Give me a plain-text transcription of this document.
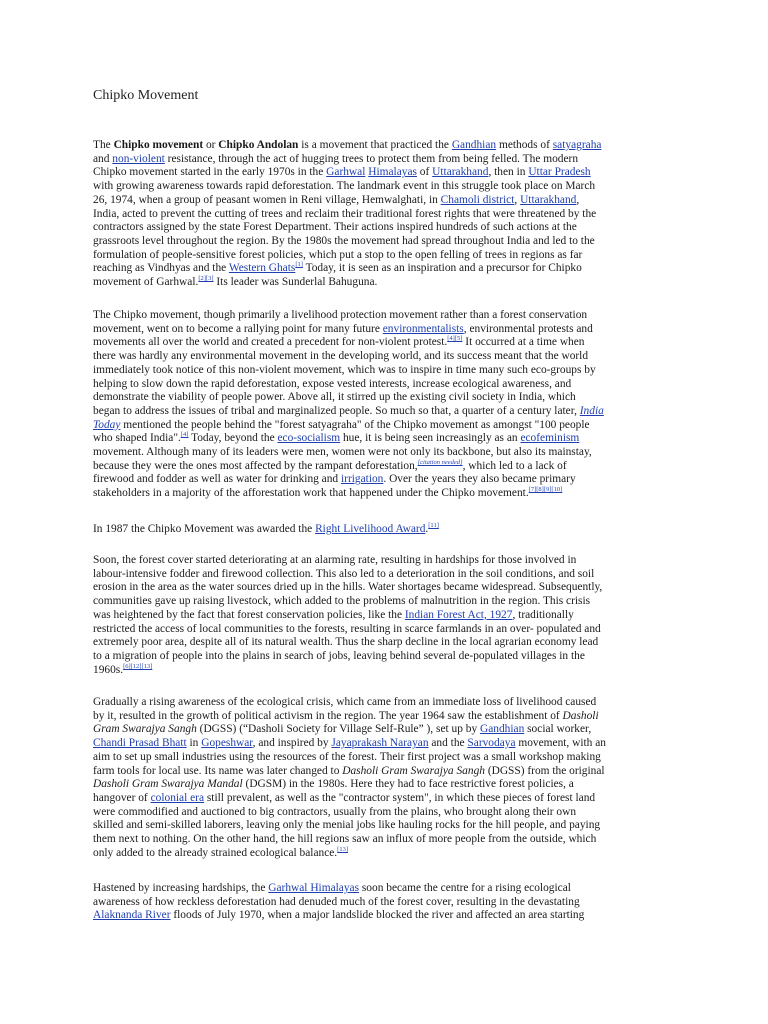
Chipko Movement
The Chipko movement or Chipko Andolan is a movement that practiced the Gandhian methods of satyagraha
and non-violent resistance, through the act of hugging trees to protect them from being felled. The modern
Chipko movement started in the early 1970s in the Garhwal Himalayas of Uttarakhand, then in Uttar Pradesh
with growing awareness towards rapid deforestation. The landmark event in this struggle took place on March
26, 1974, when a group of peasant women in Reni village, Hemwalghati, in Chamoli district, Uttarakhand,
India, acted to prevent the cutting of trees and reclaim their traditional forest rights that were threatened by the
contractors assigned by the state Forest Department. Their actions inspired hundreds of such actions at the
grassroots level throughout the region. By the 1980s the movement had spread throughout India and led to the
formulation of people-sensitive forest policies, which put a stop to the open felling of trees in regions as far
reaching as Vindhyas and the Western Ghats[1] Today, it is seen as an inspiration and a precursor for Chipko
movement of Garhwal.[2][3] Its leader was Sunderlal Bahuguna.
The Chipko movement, though primarily a livelihood protection movement rather than a forest conservation
movement, went on to become a rallying point for many future environmentalists, environmental protests and
movements all over the world and created a precedent for non-violent protest.[4][5] It occurred at a time when
there was hardly any environmental movement in the developing world, and its success meant that the world
immediately took notice of this non-violent movement, which was to inspire in time many such eco-groups by
helping to slow down the rapid deforestation, expose vested interests, increase ecological awareness, and
demonstrate the viability of people power. Above all, it stirred up the existing civil society in India, which
began to address the issues of tribal and marginalized people. So much so that, a quarter of a century later, India
Today mentioned the people behind the "forest satyagraha" of the Chipko movement as amongst "100 people
who shaped India".[4] Today, beyond the eco-socialism hue, it is being seen increasingly as an ecofeminism
movement. Although many of its leaders were men, women were not only its backbone, but also its mainstay,
because they were the ones most affected by the rampant deforestation,[citation needed], which led to a lack of
firewood and fodder as well as water for drinking and irrigation. Over the years they also became primary
stakeholders in a majority of the afforestation work that happened under the Chipko movement.[7][8][9][10]
In 1987 the Chipko Movement was awarded the Right Livelihood Award.[11]
Soon, the forest cover started deteriorating at an alarming rate, resulting in hardships for those involved in
labour-intensive fodder and firewood collection. This also led to a deterioration in the soil conditions, and soil
erosion in the area as the water sources dried up in the hills. Water shortages became widespread. Subsequently,
communities gave up raising livestock, which added to the problems of malnutrition in the region. This crisis
was heightened by the fact that forest conservation policies, like the Indian Forest Act, 1927, traditionally
restricted the access of local communities to the forests, resulting in scarce farmlands in an over- populated and
extremely poor area, despite all of its natural wealth. Thus the sharp decline in the local agrarian economy lead
to a migration of people into the plains in search of jobs, leaving behind several de-populated villages in the
1960s.[6][12][13]
Gradually a rising awareness of the ecological crisis, which came from an immediate loss of livelihood caused
by it, resulted in the growth of political activism in the region. The year 1964 saw the establishment of Dasholi
Gram Swarajya Sangh (DGSS) (“Dasholi Society for Village Self-Rule” ), set up by Gandhian social worker,
Chandi Prasad Bhatt in Gopeshwar, and inspired by Jayaprakash Narayan and the Sarvodaya movement, with an
aim to set up small industries using the resources of the forest. Their first project was a small workshop making
farm tools for local use. Its name was later changed to Dasholi Gram Swarajya Sangh (DGSS) from the original
Dasholi Gram Swarajya Mandal (DGSM) in the 1980s. Here they had to face restrictive forest policies, a
hangover of colonial era still prevalent, as well as the "contractor system", in which these pieces of forest land
were commodified and auctioned to big contractors, usually from the plains, who brought along their own
skilled and semi-skilled laborers, leaving only the menial jobs like hauling rocks for the hill people, and paying
them next to nothing. On the other hand, the hill regions saw an influx of more people from the outside, which
only added to the already strained ecological balance.[13]
Hastened by increasing hardships, the Garhwal Himalayas soon became the centre for a rising ecological
awareness of how reckless deforestation had denuded much of the forest cover, resulting in the devastating
Alaknanda River floods of July 1970, when a major landslide blocked the river and affected an area starting
